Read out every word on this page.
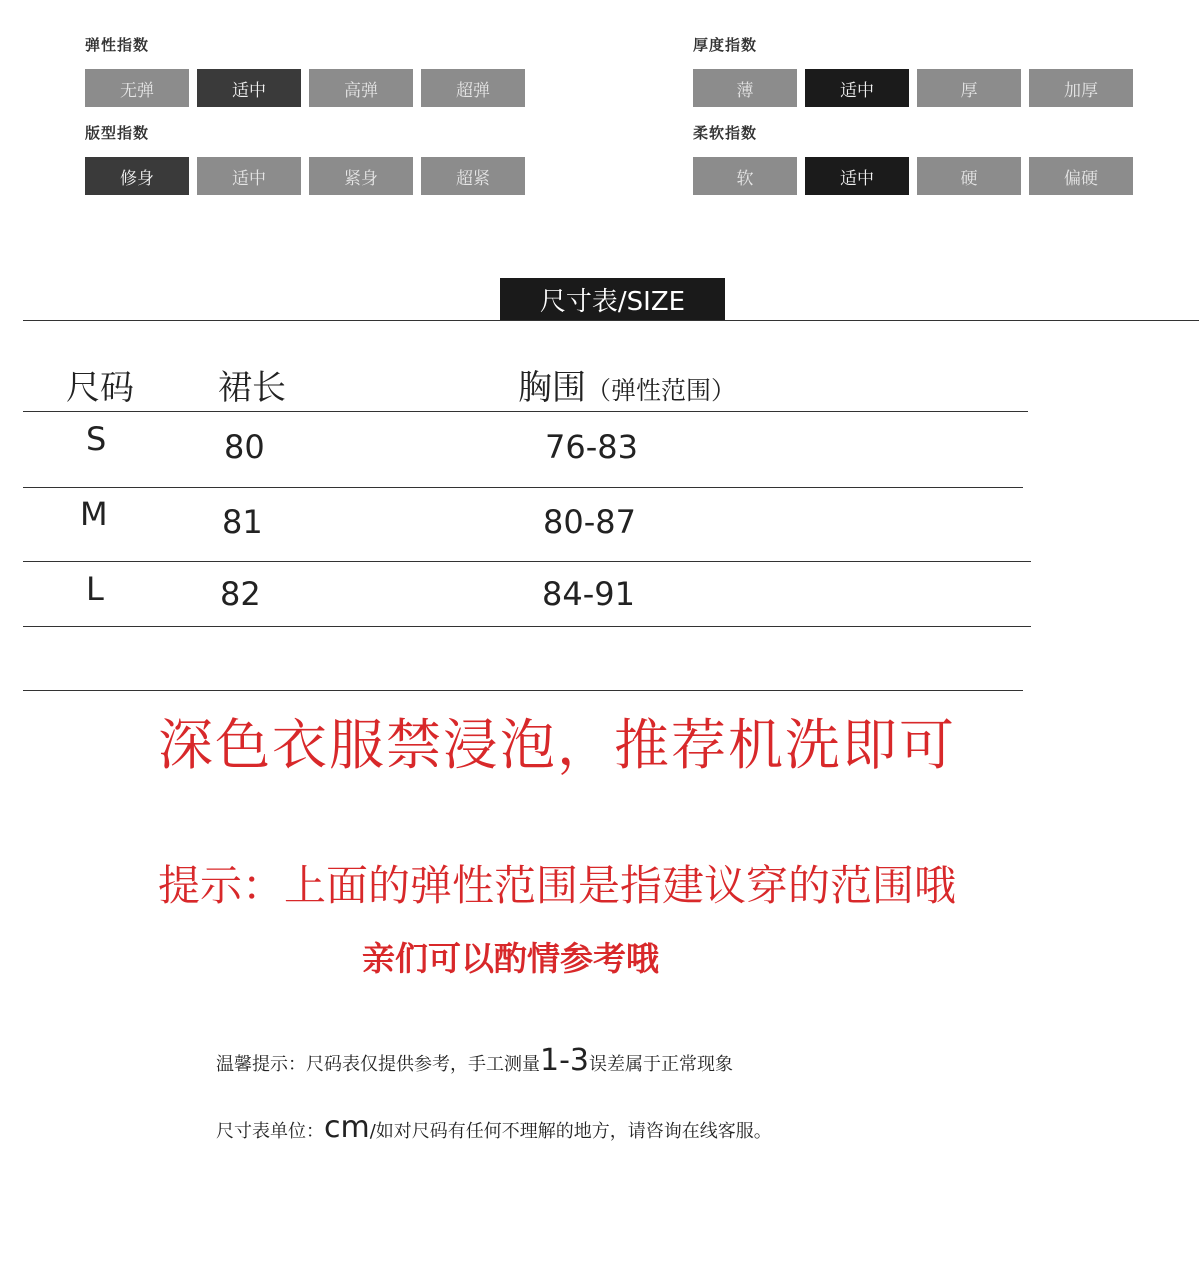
弹性指数
无弹	适中	高弹	超弹
厚度指数
薄	适中	厚	加厚
版型指数
修身	适中	紧身	超紧
柔软指数
软	适中	硬	偏硬
尺寸表/SIZE
尺码 裙长	胸围（弹性范围）
S	80	76-83
M	81	80-87
L	82	84-91
深色衣服禁浸泡，推荐机洗即可
提示：上面的弹性范围是指建议穿的范围哦
亲们可以酌情参考哦
温馨提示：尺码表仅提供参考，手工测量1-3误差属于正常现象
尺寸表单位：cm/如对尺码有任何不理解的地方，请咨询在线客服。
